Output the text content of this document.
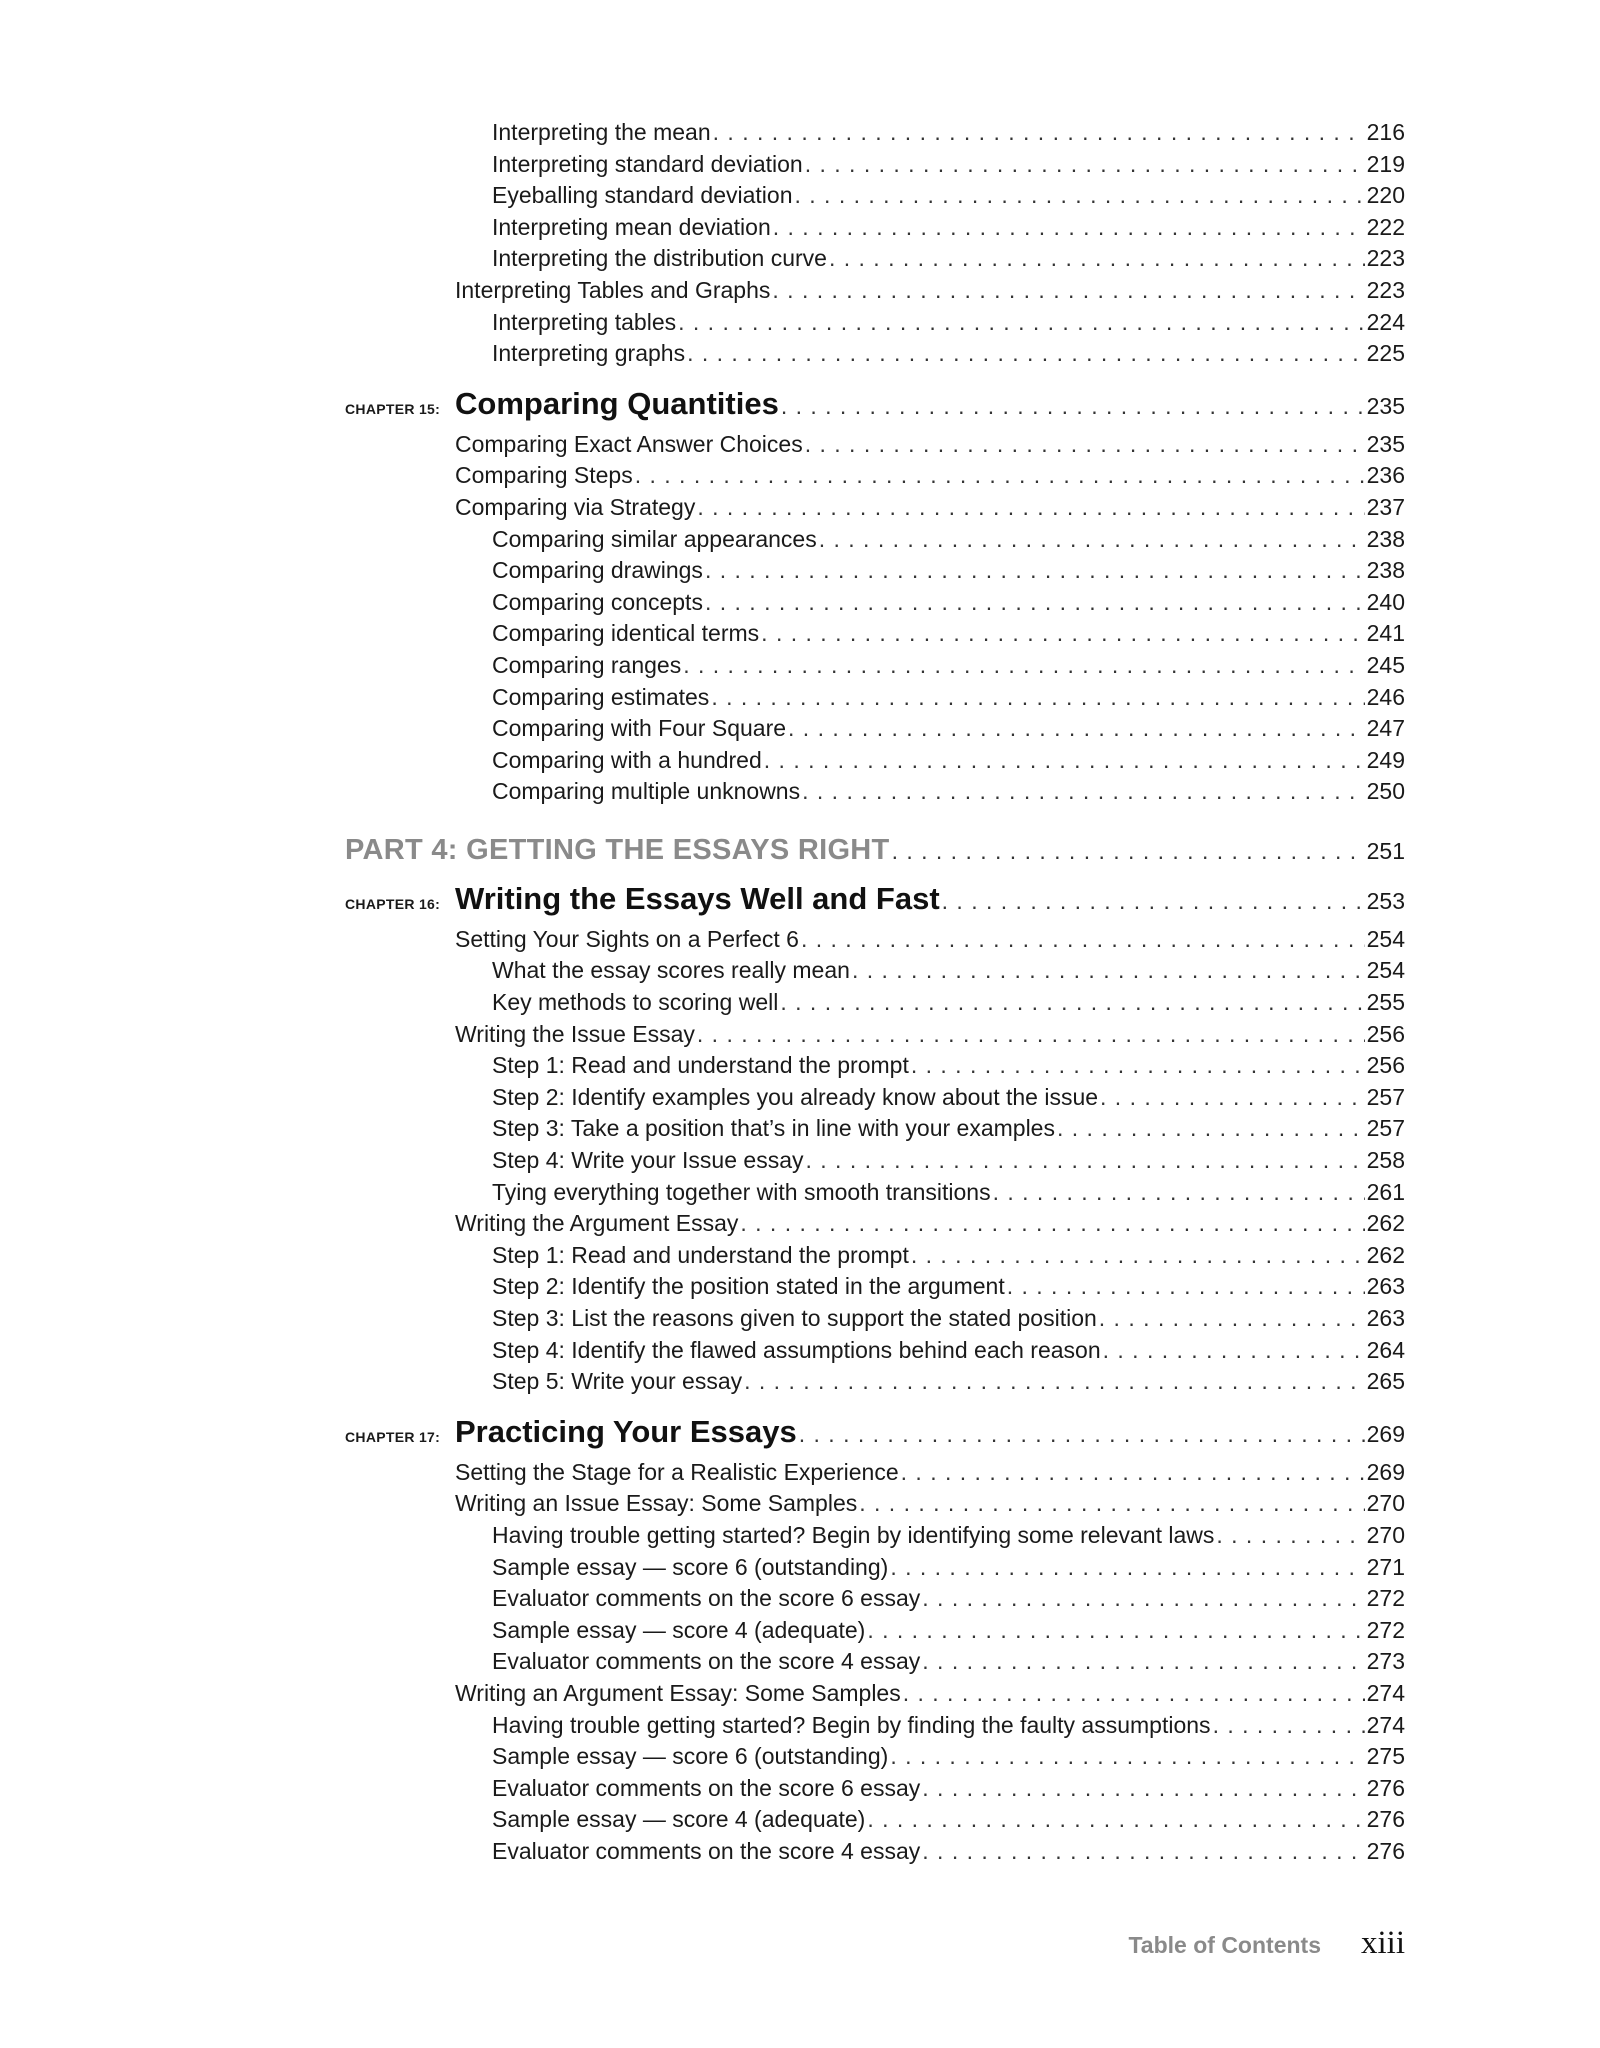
Interpreting the mean . . .	216
Interpreting standard deviation . . .	219
Eyeballing standard deviation . . .	220
Interpreting mean deviation . . .	222
Interpreting the distribution curve . . .	223
Interpreting Tables and Graphs . . .	223
Interpreting tables . . .	224
Interpreting graphs . . .	225
CHAPTER 15: Comparing Quantities . . .	235
Comparing Exact Answer Choices . . .	235
Comparing Steps . . .	236
Comparing via Strategy . . .	237
Comparing similar appearances . . .	238
Comparing drawings . . .	238
Comparing concepts . . .	240
Comparing identical terms . . .	241
Comparing ranges . . .	245
Comparing estimates . . .	246
Comparing with Four Square . . .	247
Comparing with a hundred . . .	249
Comparing multiple unknowns . . .	250
PART 4: GETTING THE ESSAYS RIGHT . . .	251
CHAPTER 16: Writing the Essays Well and Fast . . .	253
Setting Your Sights on a Perfect 6 . . .	254
What the essay scores really mean . . .	254
Key methods to scoring well . . .	255
Writing the Issue Essay . . .	256
Step 1: Read and understand the prompt . . .	256
Step 2: Identify examples you already know about the issue . . .	257
Step 3: Take a position that’s in line with your examples . . .	257
Step 4: Write your Issue essay . . .	258
Tying everything together with smooth transitions . . .	261
Writing the Argument Essay . . .	262
Step 1: Read and understand the prompt . . .	262
Step 2: Identify the position stated in the argument . . .	263
Step 3: List the reasons given to support the stated position . . .	263
Step 4: Identify the flawed assumptions behind each reason . . .	264
Step 5: Write your essay . . .	265
CHAPTER 17: Practicing Your Essays . . .	269
Setting the Stage for a Realistic Experience . . .	269
Writing an Issue Essay: Some Samples . . .	270
Having trouble getting started? Begin by identifying some relevant laws . . .	270
Sample essay — score 6 (outstanding) . . .	271
Evaluator comments on the score 6 essay . . .	272
Sample essay — score 4 (adequate) . . .	272
Evaluator comments on the score 4 essay . . .	273
Writing an Argument Essay: Some Samples . . .	274
Having trouble getting started? Begin by finding the faulty assumptions . . .	274
Sample essay — score 6 (outstanding) . . .	275
Evaluator comments on the score 6 essay . . .	276
Sample essay — score 4 (adequate) . . .	276
Evaluator comments on the score 4 essay . . .	276
Table of Contents xiii
